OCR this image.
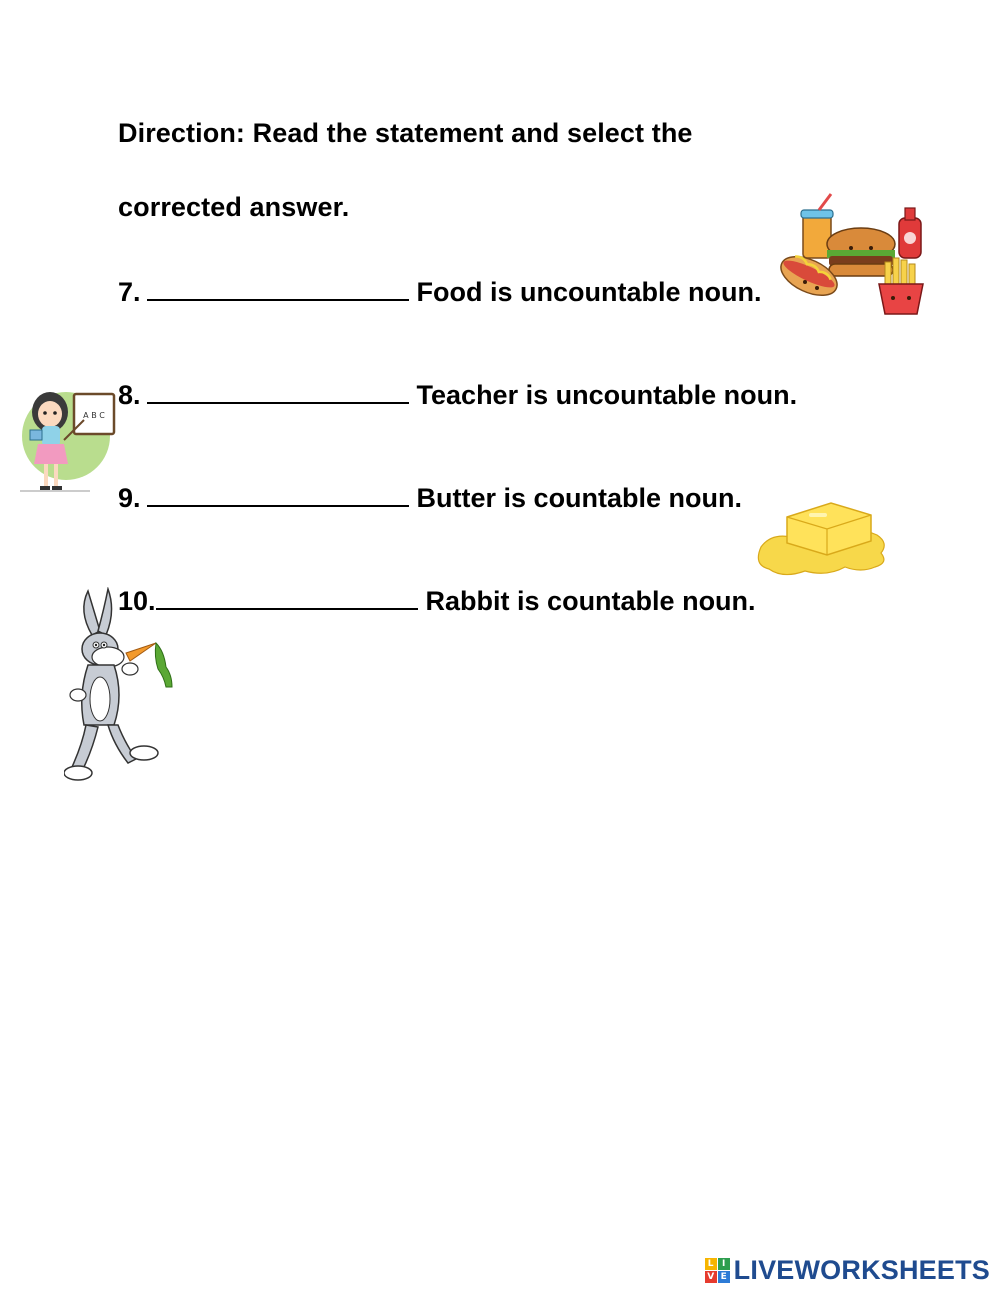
Direction: Read the statement and select the
corrected answer.
7.	Food is uncountable noun.
8.	Teacher is uncountable noun.
9.	Butter is countable noun.
10.	Rabbit is countable noun.
A B C
L I
V E LIVEWORKSHEETS
